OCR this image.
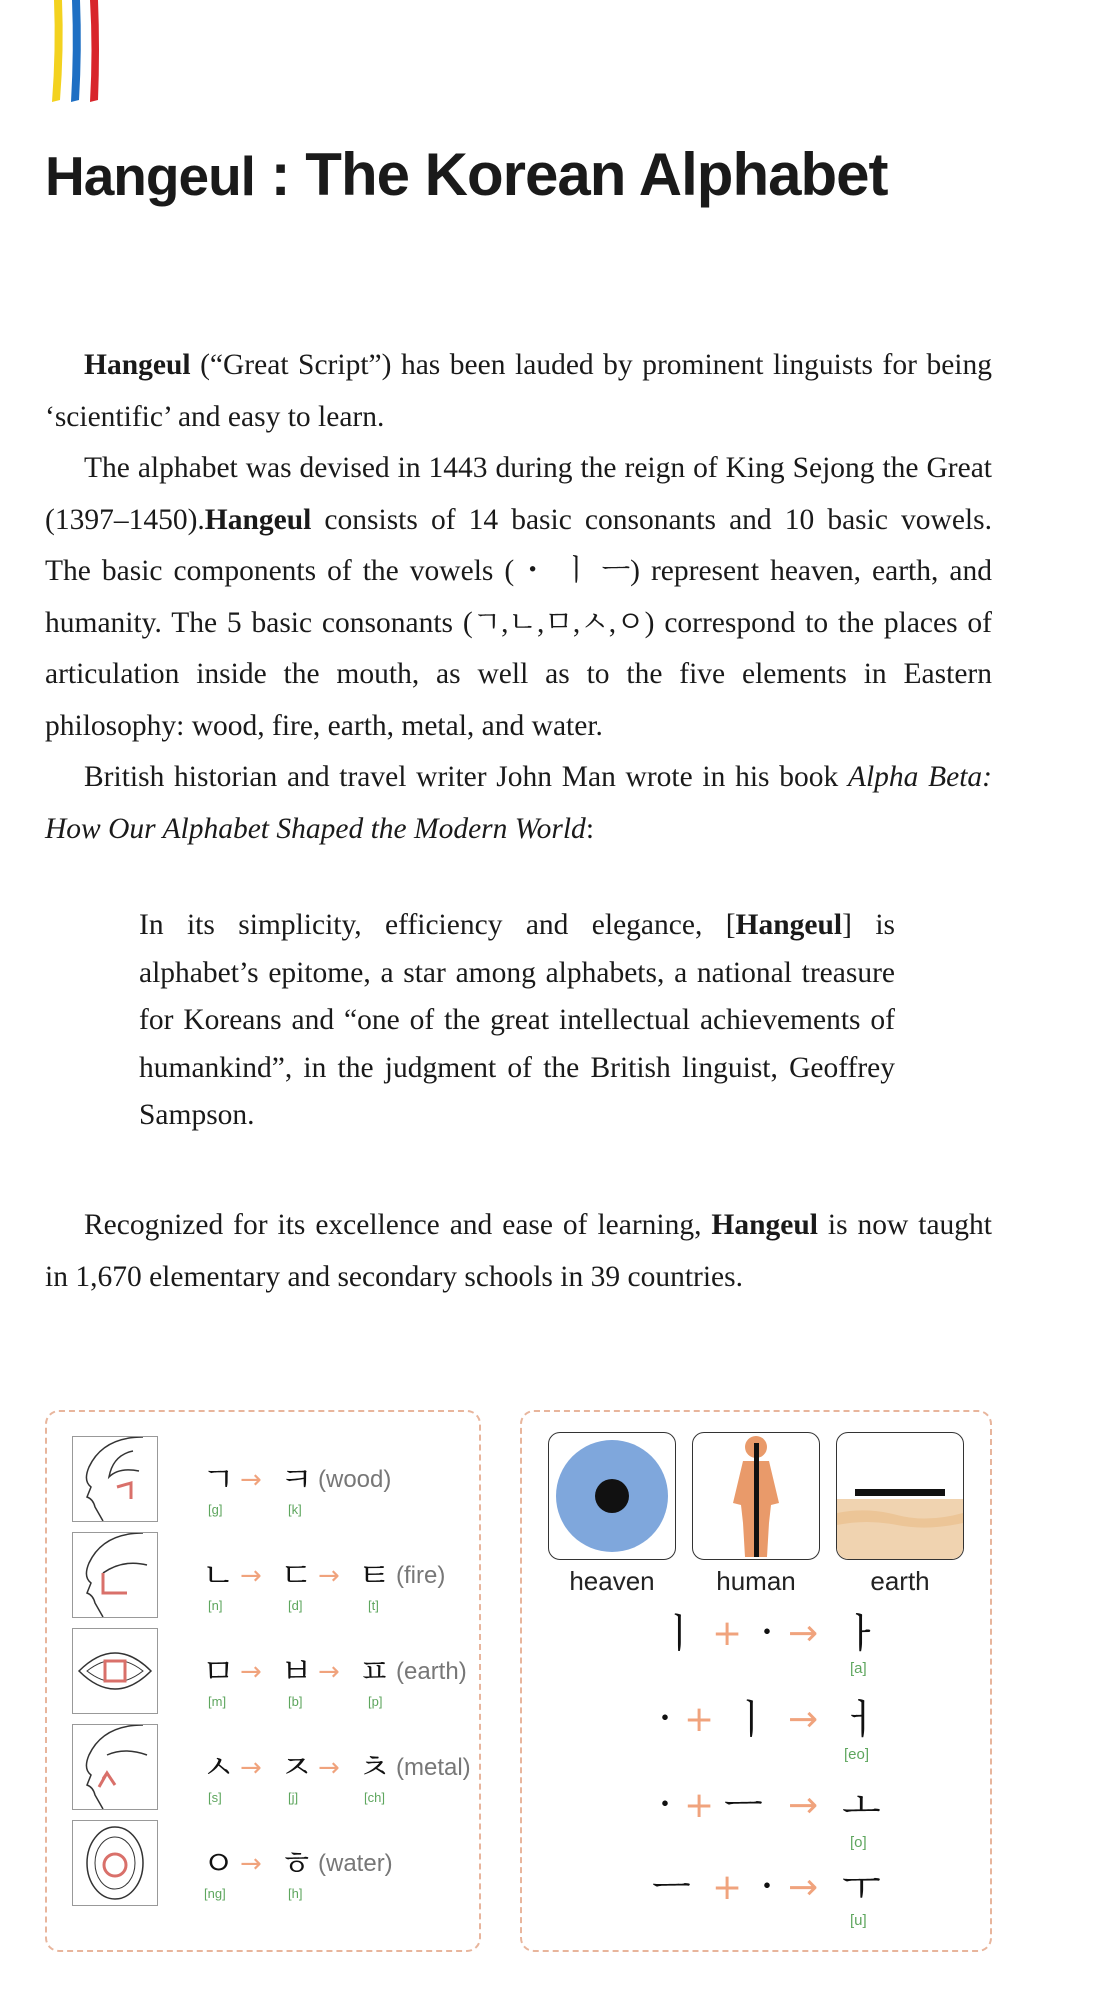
Hangeul : The Korean Alphabet

Hangeul (“Great Script”) has been lauded by prominent linguists for being ‘scientific’ and easy to learn.

The alphabet was devised in 1443 during the reign of King Sejong the Great (1397–1450).Hangeul consists of 14 basic consonants and 10 basic vowels. The basic components of the vowels (・ ㅣ ㅡ) represent heaven, earth, and humanity. The 5 basic consonants (ㄱ,ㄴ,ㅁ,ㅅ,ㅇ) correspond to the places of articulation inside the mouth, as well as to the five elements in Eastern philosophy: wood, fire, earth, metal, and water.

British historian and travel writer John Man wrote in his book Alpha Beta: How Our Alphabet Shaped the Modern World:

In its simplicity, efficiency and elegance, [Hangeul] is alphabet’s epitome, a star among alphabets, a national treasure for Koreans and “one of the great intellectual achievements of humankind”, in the judgment of the British linguist, Geoffrey Sampson.

Recognized for its excellence and ease of learning, Hangeul is now taught in 1,670 elementary and secondary schools in 39 countries.

ㄱ → ㅋ (wood)
[g]	[k]
ㄴ → ㄷ → ㅌ (fire)
[n]	[d]	[t]
ㅁ → ㅂ → ㅍ (earth)
[m]	[b]	[p]
ㅅ → ㅈ → ㅊ (metal)
[s]	[j]	[ch]
ㅇ → ㅎ (water)
[ng]	[h]
heaven	human	earth
ㅣ + ・ → ㅏ
[a]
・ + ㅣ → ㅓ
[eo]
・ + ㅡ → ㅗ
[o]
ㅡ + ・ → ㅜ
[u]
